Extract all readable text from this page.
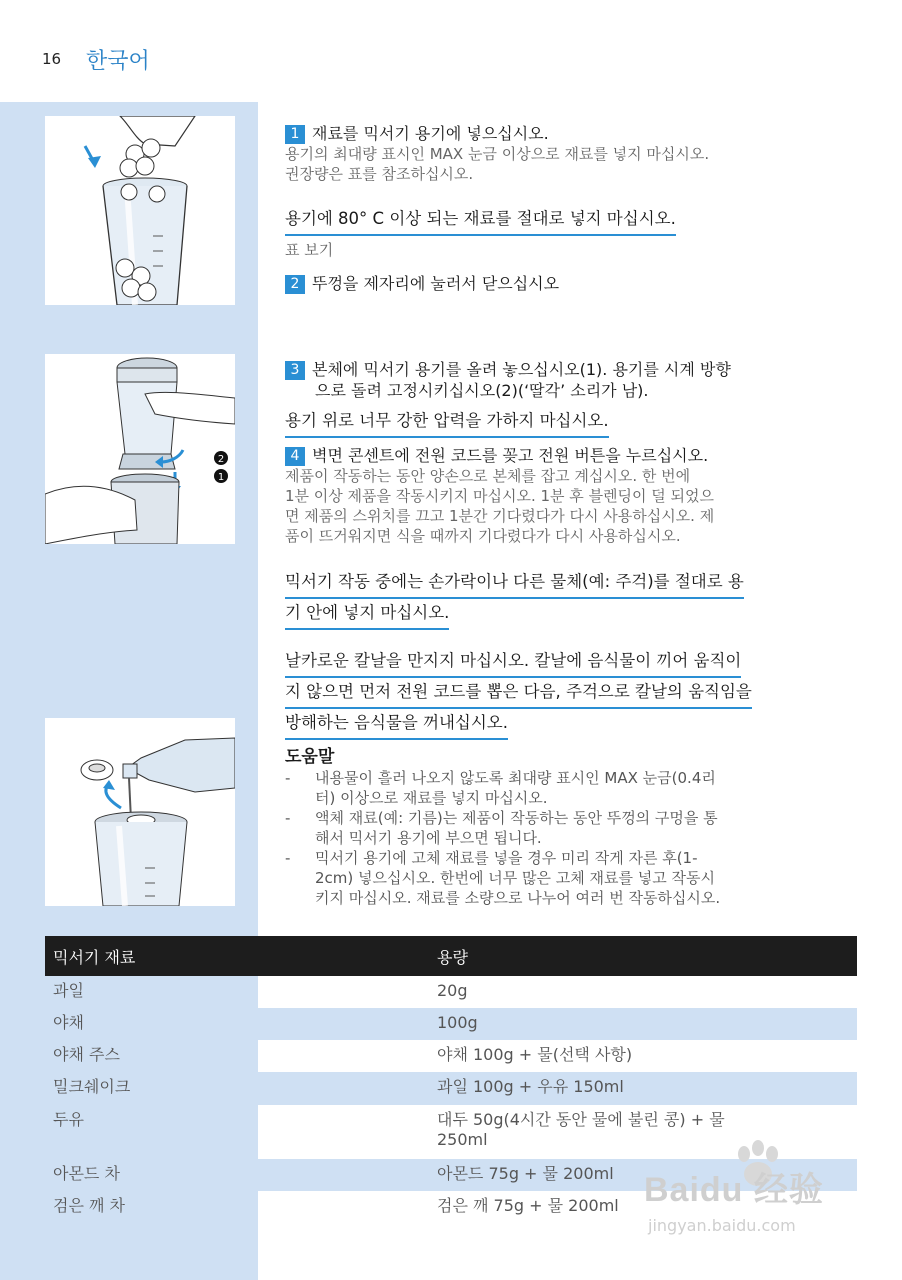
16 한국어
2
1
1 재료를 믹서기 용기에 넣으십시오.
용기의 최대량 표시인 MAX 눈금 이상으로 재료를 넣지 마십시오.
권장량은 표를 참조하십시오.
용기에 80° C 이상 되는 재료를 절대로 넣지 마십시오.
표 보기
2 뚜껑을 제자리에 눌러서 닫으십시오
3 본체에 믹서기 용기를 올려 놓으십시오(1). 용기를 시계 방향
으로 돌려 고정시키십시오(2)(‘딸각’ 소리가 남).
용기 위로 너무 강한 압력을 가하지 마십시오.
4 벽면 콘센트에 전원 코드를 꽂고 전원 버튼을 누르십시오.
제품이 작동하는 동안 양손으로 본체를 잡고 계십시오. 한 번에
1분 이상 제품을 작동시키지 마십시오. 1분 후 블렌딩이 덜 되었으
면 제품의 스위치를 끄고 1분간 기다렸다가 다시 사용하십시오. 제
품이 뜨거워지면 식을 때까지 기다렸다가 다시 사용하십시오.
믹서기 작동 중에는 손가락이나 다른 물체(예: 주걱)를 절대로 용
기 안에 넣지 마십시오.
날카로운 칼날을 만지지 마십시오. 칼날에 음식물이 끼어 움직이
지 않으면 먼저 전원 코드를 뽑은 다음, 주걱으로 칼날의 움직임을
방해하는 음식물을 꺼내십시오.
도움말
- 내용물이 흘러 나오지 않도록 최대량 표시인 MAX 눈금(0.4리
터) 이상으로 재료를 넣지 마십시오.
- 액체 재료(예: 기름)는 제품이 작동하는 동안 뚜껑의 구멍을 통
해서 믹서기 용기에 부으면 됩니다.
- 믹서기 용기에 고체 재료를 넣을 경우 미리 작게 자른 후(1-
2cm) 넣으십시오. 한번에 너무 많은 고체 재료를 넣고 작동시
키지 마십시오. 재료를 소량으로 나누어 여러 번 작동하십시오.
믹서기 재료	용량
과일	20g
야채	100g
야채 주스	야채 100g + 물(선택 사항)
밀크쉐이크	과일 100g + 우유 150ml
두유	대두 50g(4시간 동안 물에 불린 콩) + 물
250ml
아몬드 차	아몬드 75g + 물 200ml
검은 깨 차	검은 깨 75g + 물 200ml Baidu 经验
jingyan.baidu.com
